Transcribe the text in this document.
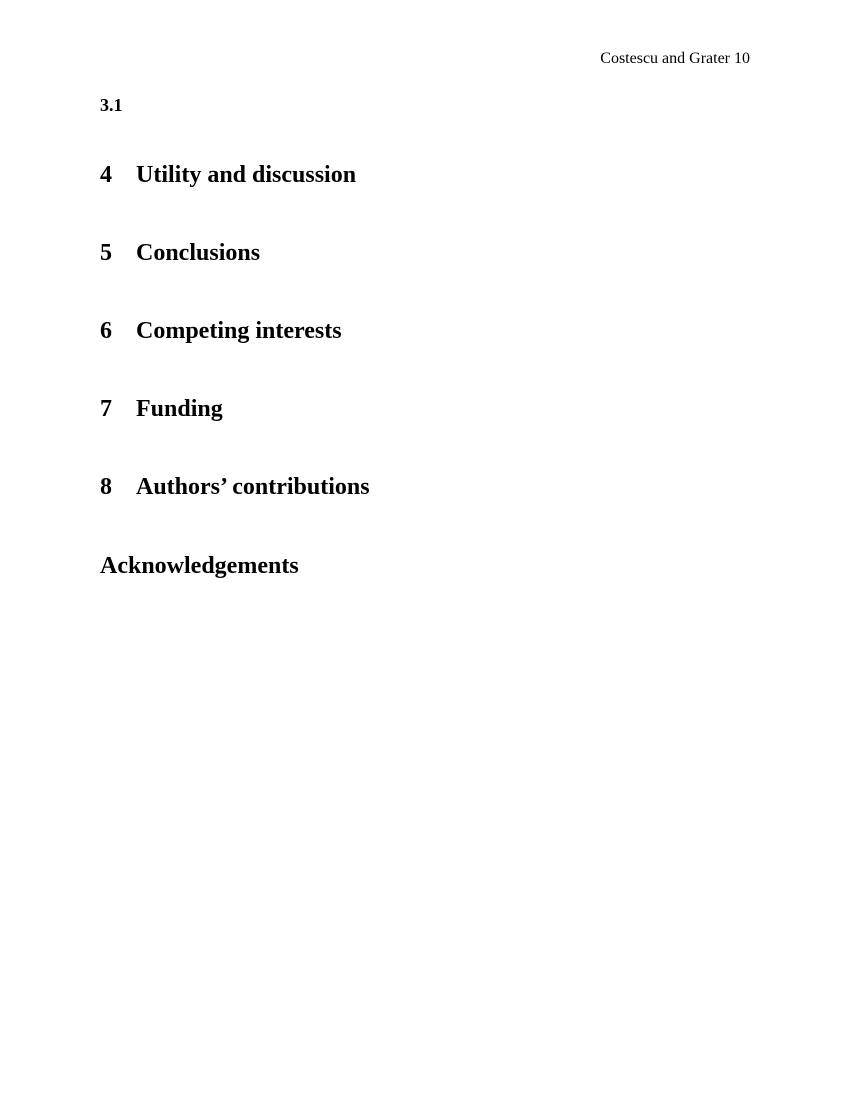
Costescu and Grater 10
3.1
4 Utility and discussion
5 Conclusions
6 Competing interests
7 Funding
8 Authors’ contributions
Acknowledgements
